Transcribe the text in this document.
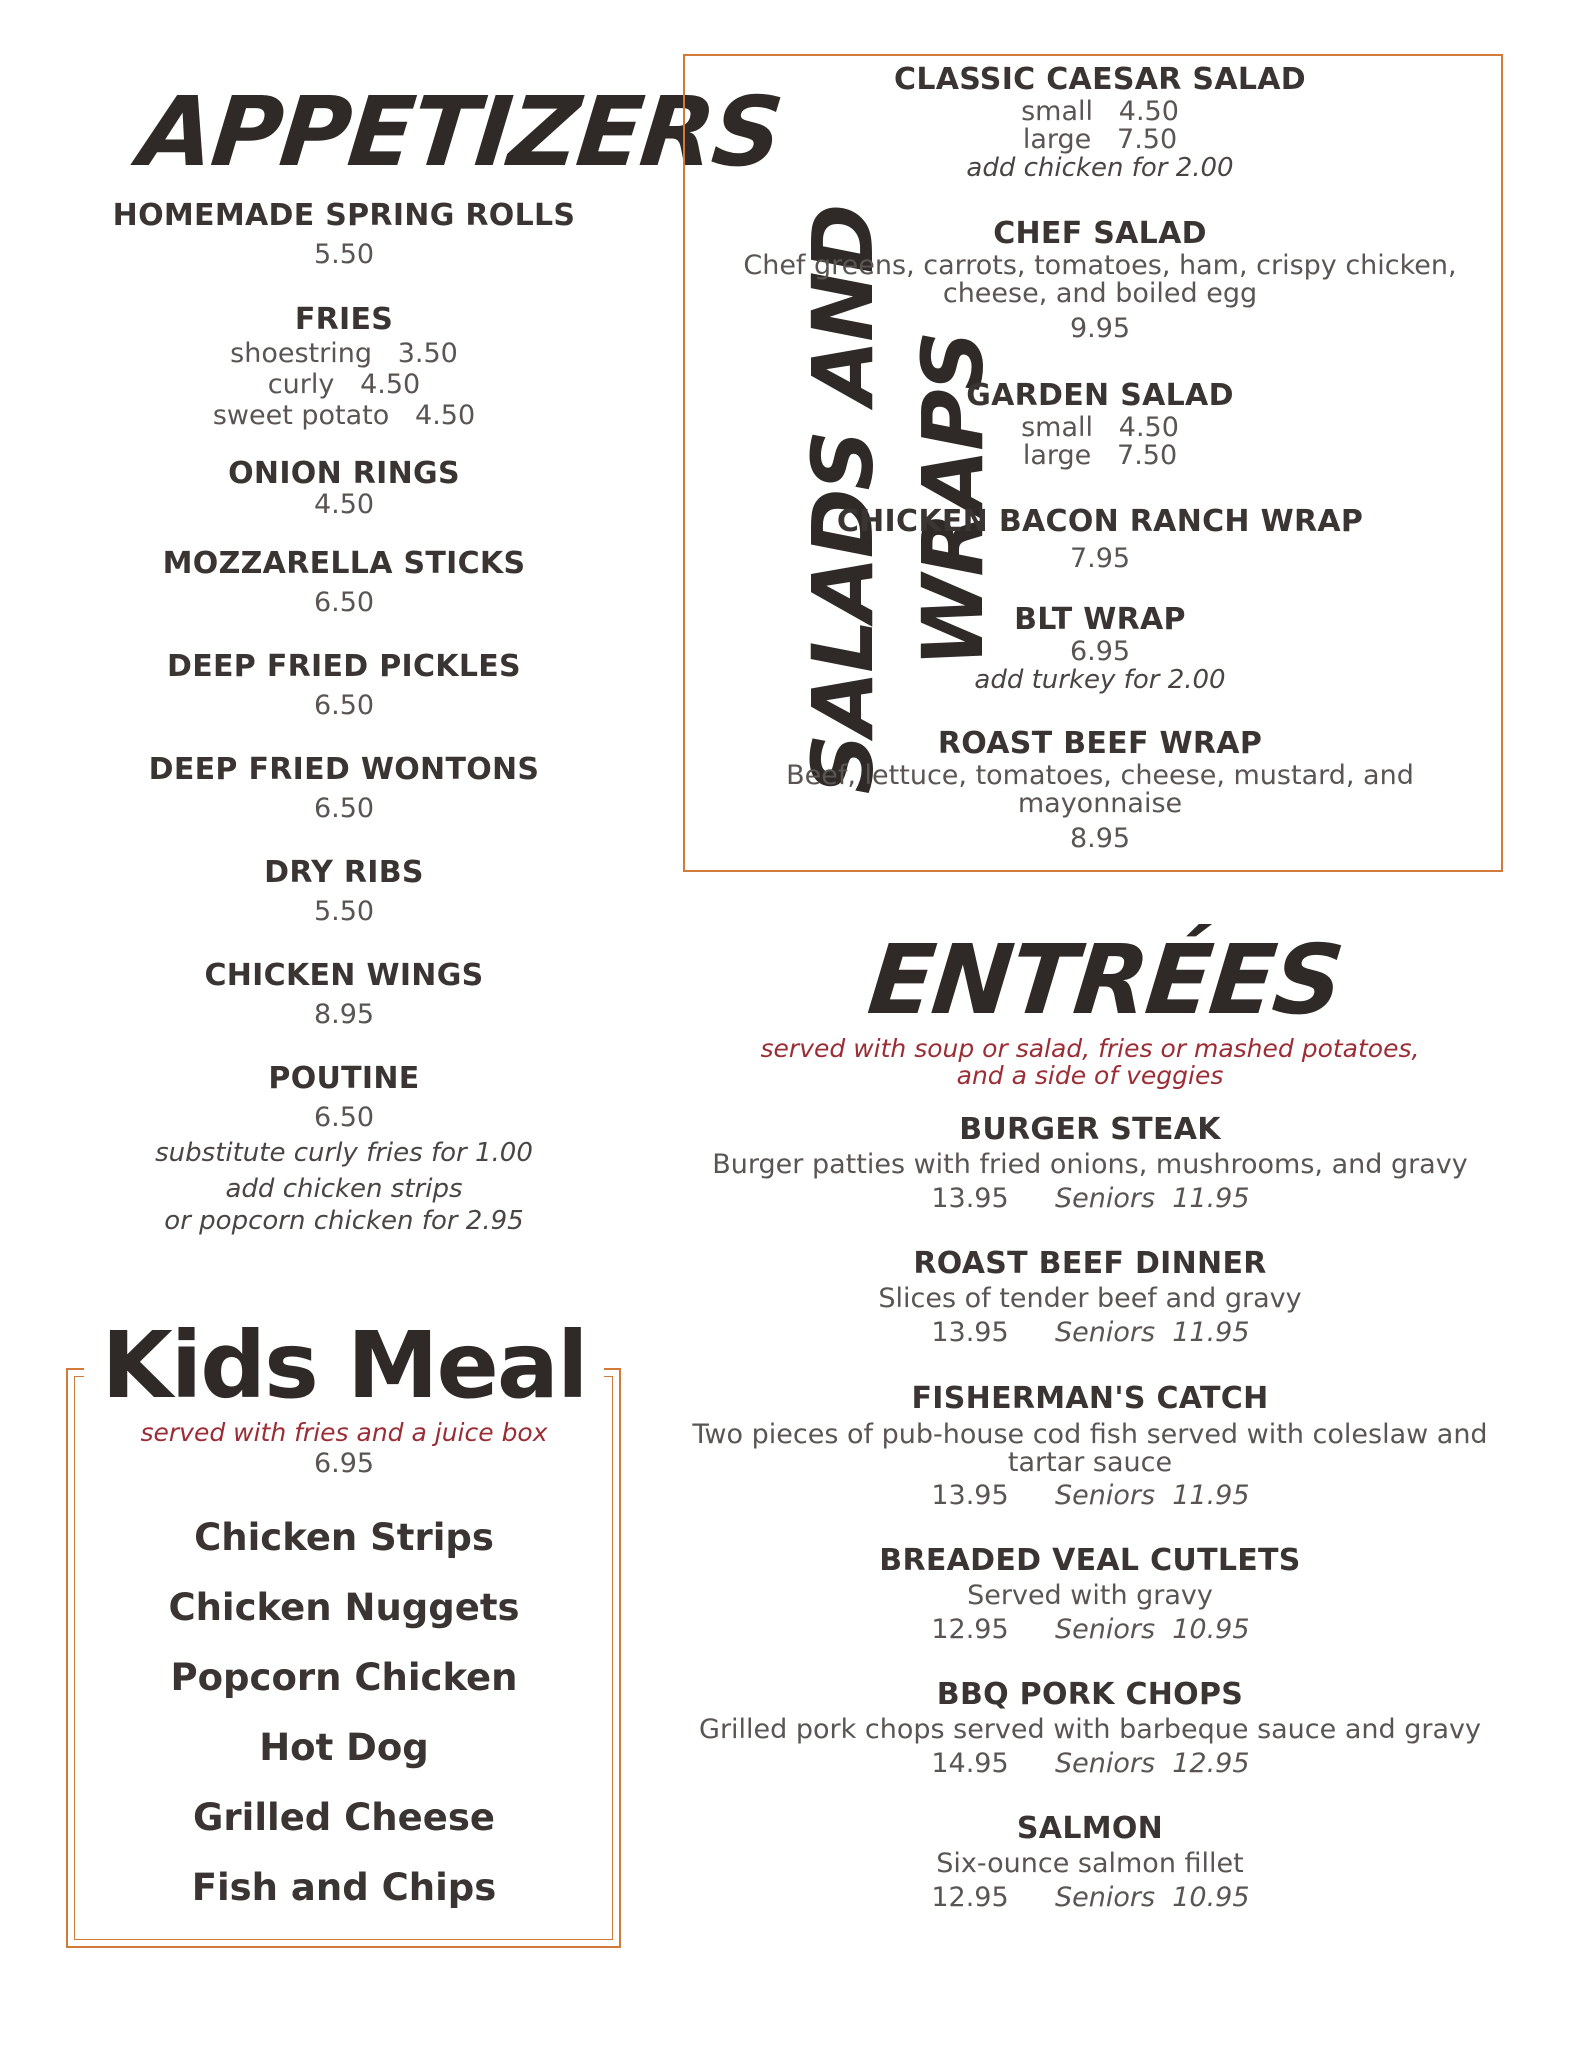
APPETIZERS
HOMEMADE SPRING ROLLS
5.50
FRIES
shoestring   3.50
curly   4.50
sweet potato   4.50
ONION RINGS
4.50
MOZZARELLA STICKS
6.50
DEEP FRIED PICKLES
6.50
DEEP FRIED WONTONS
6.50
DRY RIBS
5.50
CHICKEN WINGS
8.95
POUTINE
6.50
substitute curly fries for 1.00
add chicken strips
or popcorn chicken for 2.95
SALADS AND WRAPS
CLASSIC CAESAR SALAD
small   4.50
large   7.50
add chicken for 2.00
CHEF SALAD
Chef greens, carrots, tomatoes, ham, crispy chicken,
cheese, and boiled egg
9.95
GARDEN SALAD
small   4.50
large   7.50
CHICKEN BACON RANCH WRAP
7.95
BLT WRAP
6.95
add turkey for 2.00
ROAST BEEF WRAP
Beef, lettuce, tomatoes, cheese, mustard, and
mayonnaise
8.95
ENTRÉES
served with soup or salad, fries or mashed potatoes, and a side of veggies
BURGER STEAK
Burger patties with fried onions, mushrooms, and gravy
13.95 Seniors 11.95
ROAST BEEF DINNER
Slices of tender beef and gravy
13.95 Seniors 11.95
FISHERMAN'S CATCH
Two pieces of pub-house cod fish served with coleslaw and tartar sauce
13.95 Seniors 11.95
BREADED VEAL CUTLETS
Served with gravy
12.95 Seniors 10.95
BBQ PORK CHOPS
Grilled pork chops served with barbeque sauce and gravy
14.95 Seniors 12.95
SALMON
Six-ounce salmon fillet
12.95 Seniors 10.95
Kids Meal
served with fries and a juice box
6.95
Chicken Strips
Chicken Nuggets
Popcorn Chicken
Hot Dog
Grilled Cheese
Fish and Chips
